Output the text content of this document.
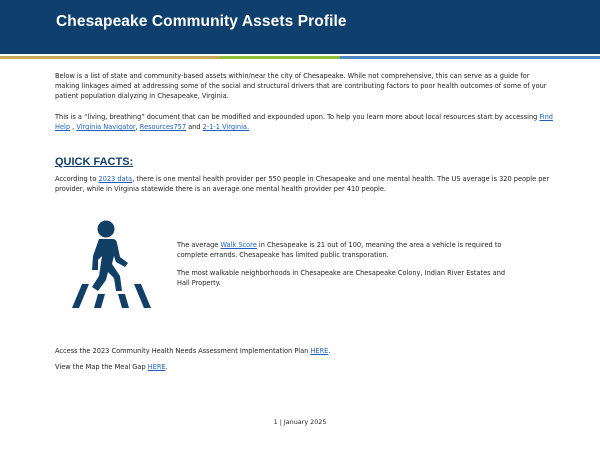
Chesapeake Community Assets Profile

Below is a list of state and community-based assets within/near the city of Chesapeake. While not comprehensive, this can serve as a guide for making linkages aimed at addressing some of the social and structural drivers that are contributing factors to poor health outcomes of some of your patient population dialyzing in Chesapeake, Virginia.

This is a “living, breathing” document that can be modified and expounded upon. To help you learn more about local resources start by accessing Find Help , Virginia Navigator, Resources757 and 2-1-1 Virginia.

QUICK FACTS:

According to 2023 data, there is one mental health provider per 550 people in Chesapeake and one mental health. The US average is 320 people per provider, while in Virginia statewide there is an average one mental health provider per 410 people.

The average Walk Score in Chesapeake is 21 out of 100, meaning the area a vehicle is required to complete errands. Chesapeake has limited public transporation.

The most walkable neighborhoods in Chesapeake are Chesapeake Colony, Indian River Estates and Hall Property.

Access the 2023 Community Health Needs Assessment Implementation Plan HERE.

View the Map the Meal Gap HERE.

1 | January 2025
